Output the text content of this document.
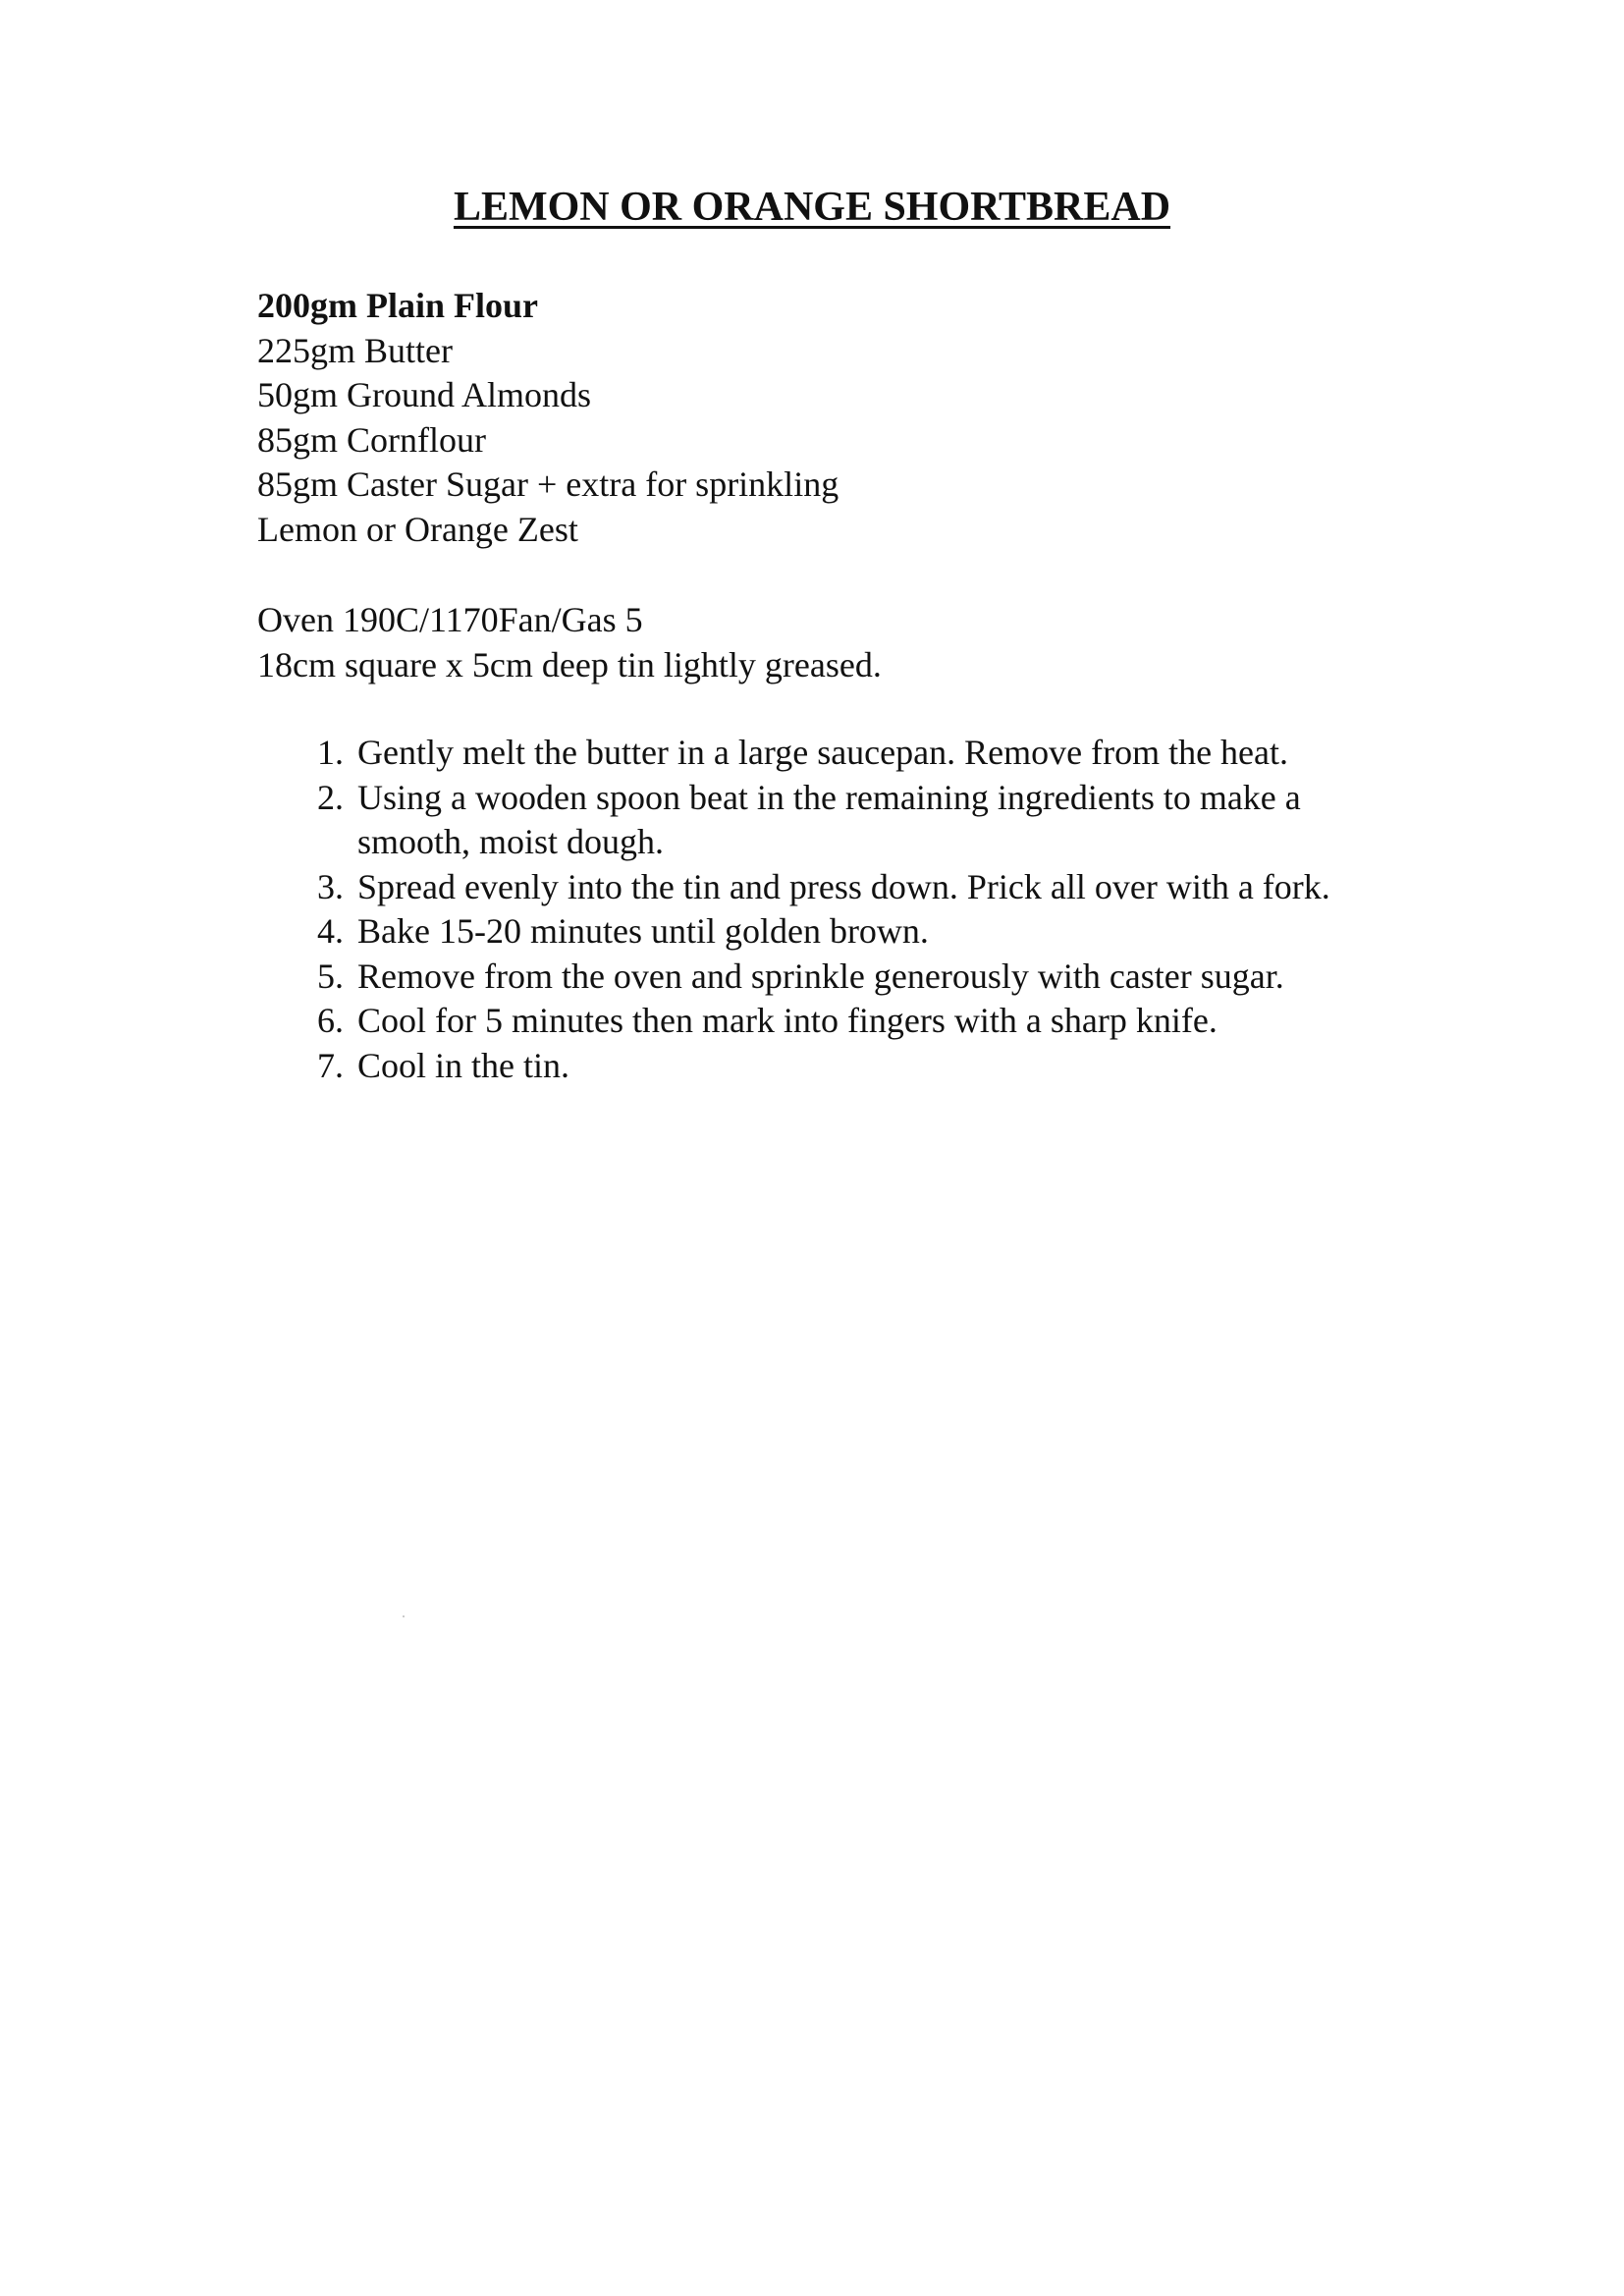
LEMON OR ORANGE SHORTBREAD
200gm Plain Flour
225gm Butter
50gm Ground Almonds
85gm Cornflour
85gm Caster Sugar + extra for sprinkling
Lemon or Orange Zest

Oven 190C/1170Fan/Gas 5

18cm square x 5cm deep tin lightly greased.

1. Gently melt the butter in a large saucepan. Remove from the heat.
2. Using a wooden spoon beat in the remaining ingredients to make a smooth, moist dough.
3. Spread evenly into the tin and press down. Prick all over with a fork.
4. Bake 15-20 minutes until golden brown.
5. Remove from the oven and sprinkle generously with caster sugar.
6. Cool for 5 minutes then mark into fingers with a sharp knife.
7. Cool in the tin.
